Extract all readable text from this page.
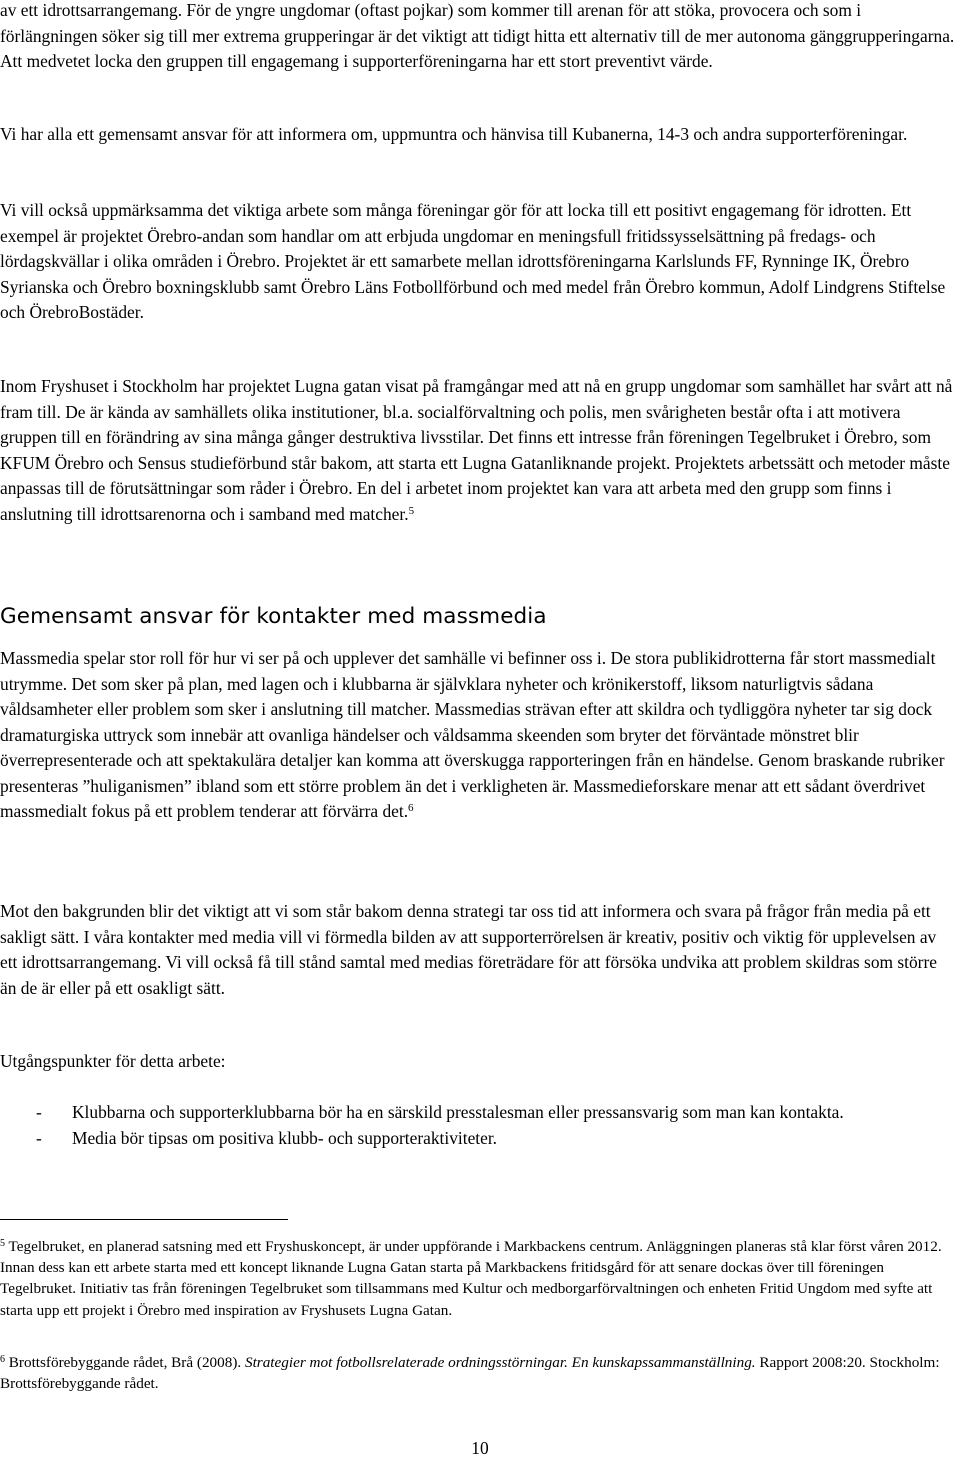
av ett idrottsarrangemang. För de yngre ungdomar (oftast pojkar) som kommer till arenan för att stöka, provocera och som i förlängningen söker sig till mer extrema grupperingar är det viktigt att tidigt hitta ett alternativ till de mer autonoma gänggrupperingarna. Att medvetet locka den gruppen till engagemang i supporterföreningarna har ett stort preventivt värde.

Vi har alla ett gemensamt ansvar för att informera om, uppmuntra och hänvisa till Kubanerna, 14-3 och andra supporterföreningar.

Vi vill också uppmärksamma det viktiga arbete som många föreningar gör för att locka till ett positivt engagemang för idrotten. Ett exempel är projektet Örebro-andan som handlar om att erbjuda ungdomar en meningsfull fritidssysselsättning på fredags- och lördagskvällar i olika områden i Örebro. Projektet är ett samarbete mellan idrottsföreningarna Karlslunds FF, Rynninge IK, Örebro Syrianska och Örebro boxningsklubb samt Örebro Läns Fotbollförbund och med medel från Örebro kommun, Adolf Lindgrens Stiftelse och ÖrebroBostäder.

Inom Fryshuset i Stockholm har projektet Lugna gatan visat på framgångar med att nå en grupp ungdomar som samhället har svårt att nå fram till. De är kända av samhällets olika institutioner, bl.a. socialförvaltning och polis, men svårigheten består ofta i att motivera gruppen till en förändring av sina många gånger destruktiva livsstilar. Det finns ett intresse från föreningen Tegelbruket i Örebro, som KFUM Örebro och Sensus studieförbund står bakom, att starta ett Lugna Gatanliknande projekt. Projektets arbetssätt och metoder måste anpassas till de förutsättningar som råder i Örebro. En del i arbetet inom projektet kan vara att arbeta med den grupp som finns i anslutning till idrottsarenorna och i samband med matcher.$^5$

Gemensamt ansvar för kontakter med massmedia

Massmedia spelar stor roll för hur vi ser på och upplever det samhälle vi befinner oss i. De stora publikidrotterna får stort massmedialt utrymme. Det som sker på plan, med lagen och i klubbarna är självklara nyheter och krönikerstoff, liksom naturligtvis sådana våldsamheter eller problem som sker i anslutning till matcher. Massmedias strävan efter att skildra och tydliggöra nyheter tar sig dock dramaturgiska uttryck som innebär att ovanliga händelser och våldsamma skeenden som bryter det förväntade mönstret blir överrepresenterade och att spektakulära detaljer kan komma att överskugga rapporteringen från en händelse. Genom braskande rubriker presenteras ”huliganismen” ibland som ett större problem än det i verkligheten är. Massmedieforskare menar att ett sådant överdrivet massmedialt fokus på ett problem tenderar att förvärra det.$^6$

Mot den bakgrunden blir det viktigt att vi som står bakom denna strategi tar oss tid att informera och svara på frågor från media på ett sakligt sätt. I våra kontakter med media vill vi förmedla bilden av att supporterrörelsen är kreativ, positiv och viktig för upplevelsen av ett idrottsarrangemang. Vi vill också få till stånd samtal med medias företrädare för att försöka undvika att problem skildras som större än de är eller på ett osakligt sätt.

Utgångspunkter för detta arbete:

- Klubbarna och supporterklubbarna bör ha en särskild presstalesman eller pressansvarig som man kan kontakta.
- Media bör tipsas om positiva klubb- och supporteraktiviteter.

$^5$ Tegelbruket, en planerad satsning med ett Fryshuskoncept, är under uppförande i Markbackens centrum. Anläggningen planeras stå klar först våren 2012. Innan dess kan ett arbete starta med ett koncept liknande Lugna Gatan starta på Markbackens fritidsgård för att senare dockas över till föreningen Tegelbruket. Initiativ tas från föreningen Tegelbruket som tillsammans med Kultur och medborgarförvaltningen och enheten Fritid Ungdom med syfte att starta upp ett projekt i Örebro med inspiration av Fryshusets Lugna Gatan.

$^6$ Brottsförebyggande rådet, Brå (2008). Strategier mot fotbollsrelaterade ordningsstörningar. En kunskapssammanställning. Rapport 2008:20. Stockholm: Brottsförebyggande rådet.

10
